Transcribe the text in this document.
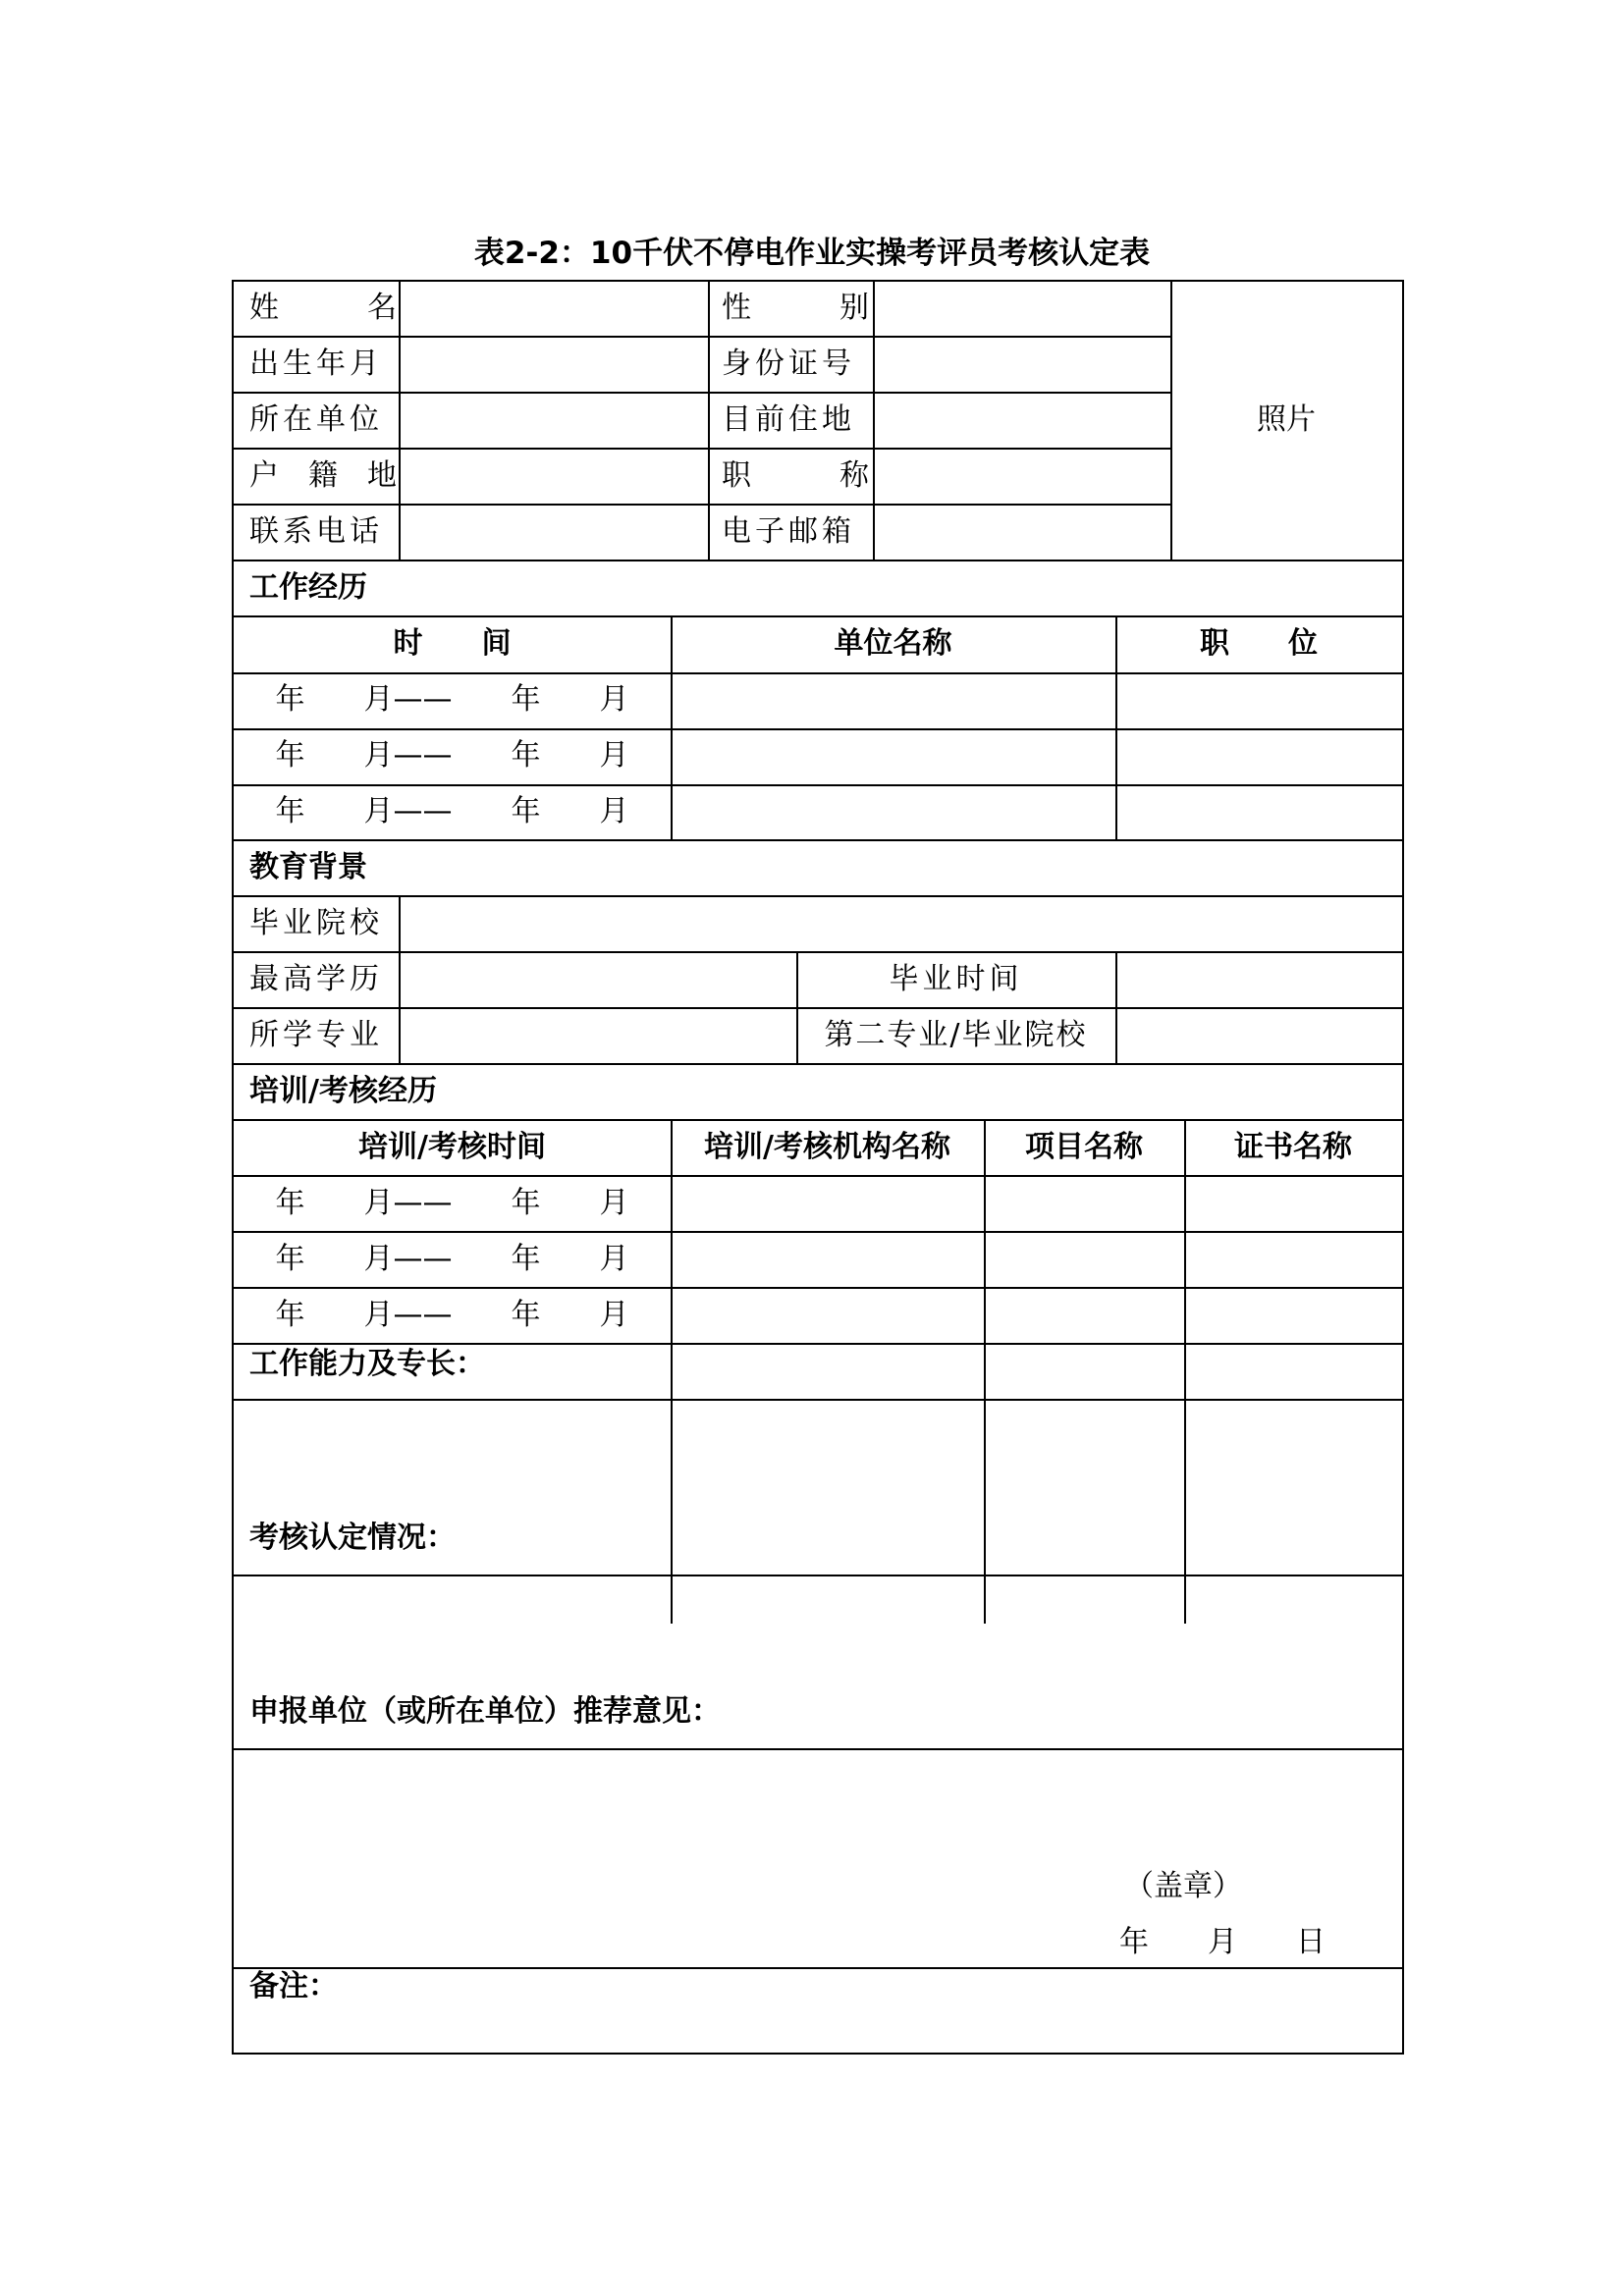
表2-2：10千伏不停电作业实操考评员考核认定表
姓　　　名	性　　　别
出生年月	身份证号
所在单位	目前住地
户　籍　地	职　　　称
联系电话	电子邮箱
照片
工作经历
时　　间	单位名称	职　　位
年　　月——　　年　　月
年　　月——　　年　　月
年　　月——　　年　　月
教育背景
毕业院校
最高学历	毕业时间
所学专业	第二专业/毕业院校
培训/考核经历
培训/考核时间	培训/考核机构名称	项目名称	证书名称
年　　月——　　年　　月
年　　月——　　年　　月
年　　月——　　年　　月
工作能力及专长：
考核认定情况：
申报单位（或所在单位）推荐意见：
（盖章）
年　　月　　日
备注：
